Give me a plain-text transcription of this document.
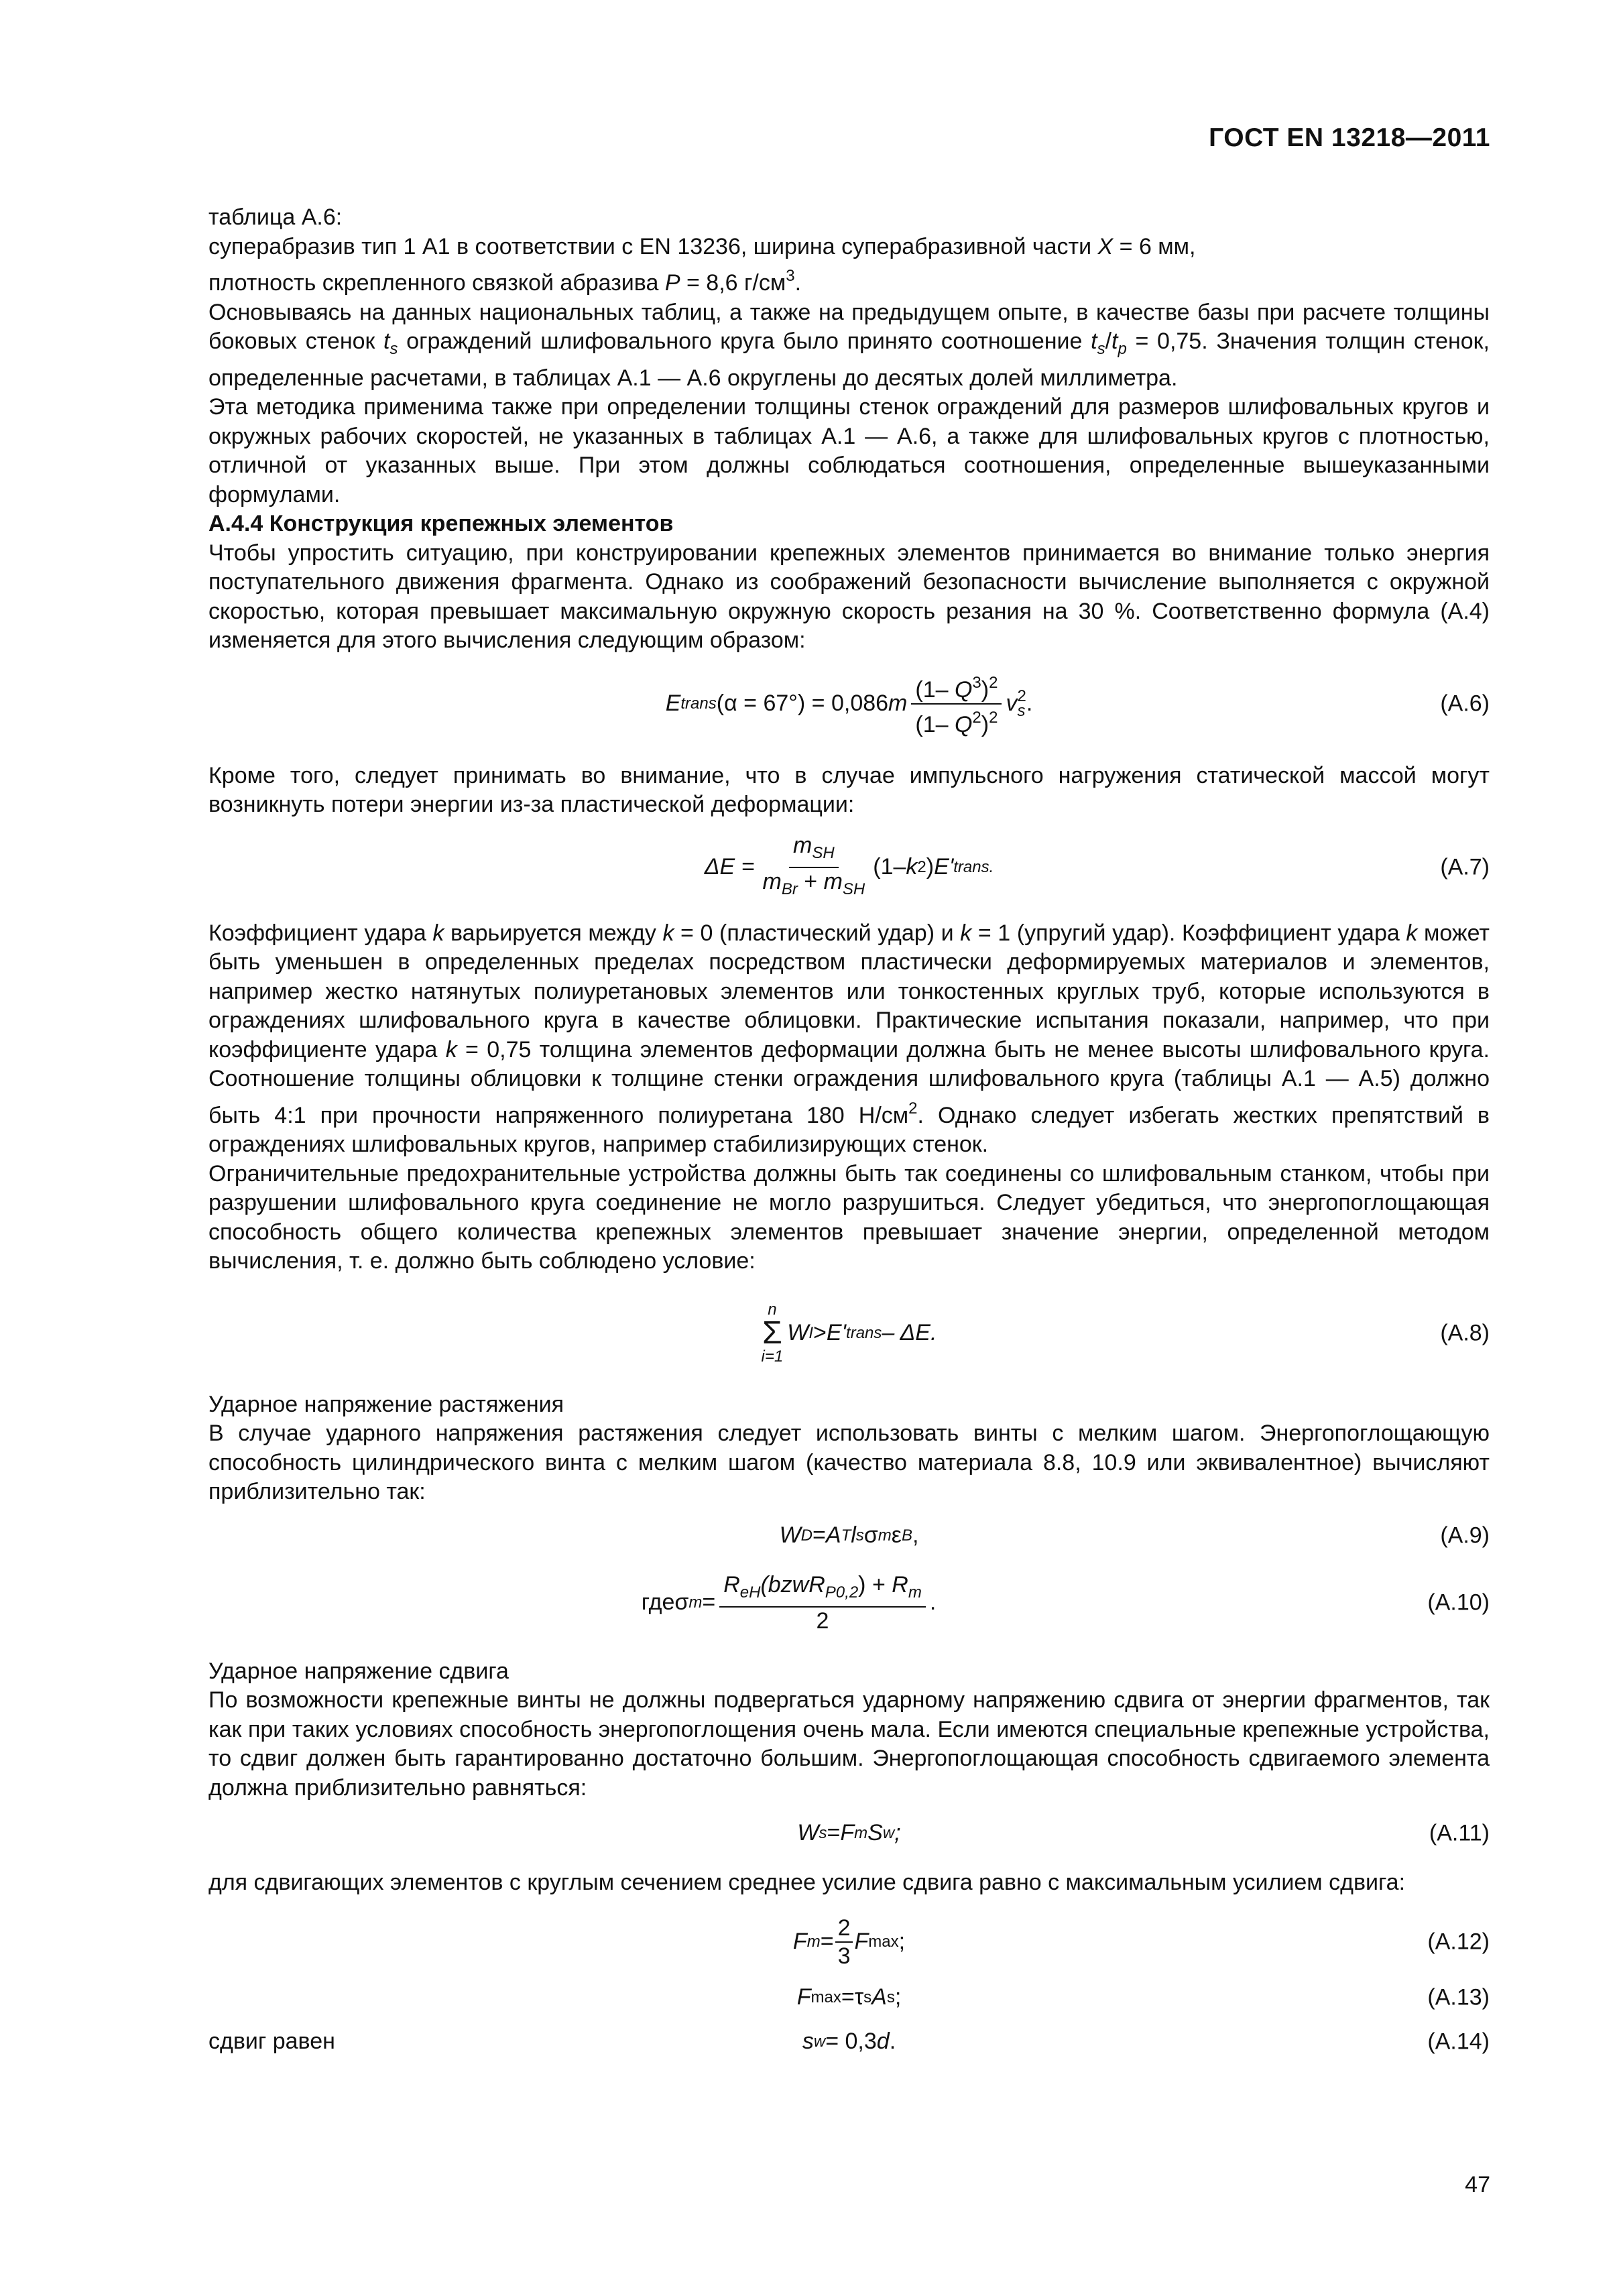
ГОСТ EN 13218—2011

таблица А.6:

суперабразив тип 1 А1 в соответствии с EN 13236, ширина суперабразивной части X = 6 мм,

плотность скрепленного связкой абразива P = 8,6 $г/см^3$.

Основываясь на данных национальных таблиц, а также на предыдущем опыте, в качестве базы при расчете толщины боковых стенок $t_s$ ограждений шлифовального круга было принято соотношение $t_s/t_p = 0,75$. Значения толщин стенок, определенные расчетами, в таблицах А.1 — А.6 округлены до десятых долей миллиметра.

Эта методика применима также при определении толщины стенок ограждений для размеров шлифовальных кругов и окружных рабочих скоростей, не указанных в таблицах А.1 — А.6, а также для шлифовальных кругов с плотностью, отличной от указанных выше. При этом должны соблюдаться соотношения, определенные вышеуказанными формулами.

А.4.4 Конструкция крепежных элементов

Чтобы упростить ситуацию, при конструировании крепежных элементов принимается во внимание только энергия поступательного движения фрагмента. Однако из соображений безопасности вычисление выполняется с окружной скоростью, которая превышает максимальную окружную скорость резания на 30 %. Соответственно формула (А.4) изменяется для этого вычисления следующим образом:

E trans (α = 67°) = 0,086 m $\frac{(1- Q^3)^2}{(1- Q^2)^2}$ v 2
s .	(А.6)

Кроме того, следует принимать во внимание, что в случае импульсного нагружения статической массой могут возникнуть потери энергии из-за пластической деформации:

$\Delta E = \frac{m_{SH}}{m_{Br} + m_{SH}} (1-$ k 2 ) E' trans.	(А.7)

Коэффициент удара k варьируется между k = 0 (пластический удар) и k = 1 (упругий удар). Коэффициент удара k может быть уменьшен в определенных пределах посредством пластически деформируемых материалов и элементов, например жестко натянутых полиуретановых элементов или тонкостенных круглых труб, которые используются в ограждениях шлифовального круга в качестве облицовки. Практические испытания показали, например, что при коэффициенте удара k = 0,75 толщина элементов деформации должна быть не менее высоты шлифовального круга. Соотношение толщины облицовки к толщине стенки ограждения шлифовального круга (таблицы А.1 — А.5) должно быть 4:1 при прочности напряженного полиуретана 180 $Н/см^2$. Однако следует избегать жестких препятствий в ограждениях шлифовальных кругов, например стабилизирующих стенок.

Ограничительные предохранительные устройства должны быть так соединены со шлифовальным станком, чтобы при разрушении шлифовального круга соединение не могло разрушиться. Следует убедиться, что энергопоглощающая способность общего количества крепежных элементов превышает значение энергии, определенной методом вычисления, т. е. должно быть соблюдено условие:

n
Σ
i=1
W I > E' trans – ΔE.	(А.8)

Ударное напряжение растяжения

В случае ударного напряжения растяжения следует использовать винты с мелким шагом. Энергопоглощающую способность цилиндрического винта с мелким шагом (качество материала 8.8, 10.9 или эквивалентное) вычисляют приблизительно так:

W D = A T l s σ m ε B ,	(А.9)
где σ $m = \frac{R_{eH}(bzwR_{P0,2}) + R_m}{2}$ .	(А.10)

Ударное напряжение сдвига

По возможности крепежные винты не должны подвергаться ударному напряжению сдвига от энергии фрагментов, так как при таких условиях способность энергопоглощения очень мала. Если имеются специальные крепежные устройства, то сдвиг должен быть гарантированно достаточно большим. Энергопоглощающая способность сдвигаемого элемента должна приблизительно равняться:

W s = F m S w ;	(А.11)

для сдвигающих элементов с круглым сечением среднее усилие сдвига равно с максимальным усилием сдвига:

F $m = \frac{2}{3}$ F max ;	(А.12)
F max = τ s A s ;	(А.13)
сдвиг равен	s w = 0,3 d .	(А.14)
47
